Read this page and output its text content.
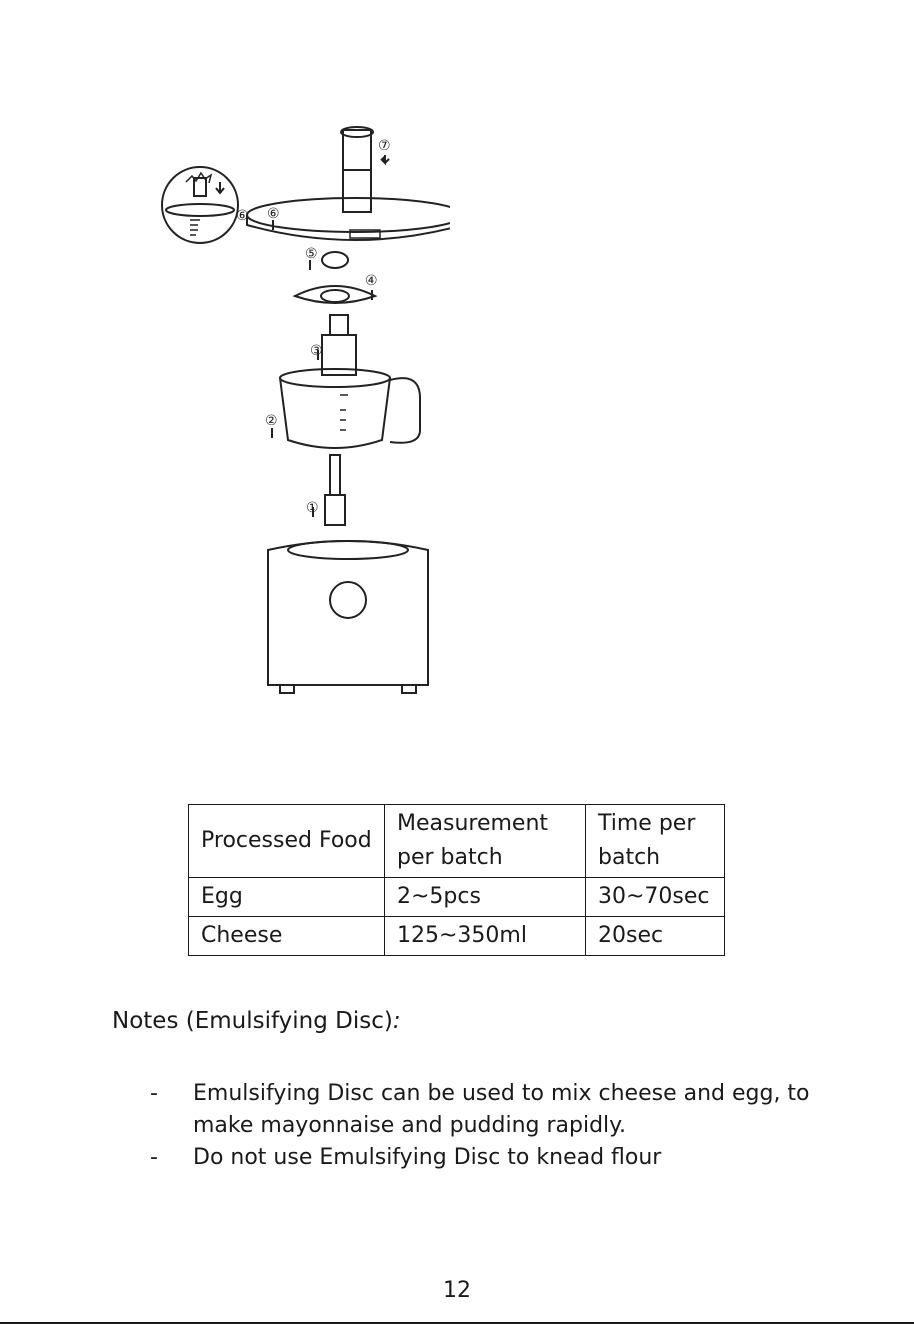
⑦
⑥ ⑥
⑤
④
③
②
①
Processed Food	Measurement per batch	Time per batch
Egg	2~5pcs	30~70sec
Cheese	125~350ml	20sec
Notes (Emulsifying Disc):
-	Emulsifying Disc can be used to mix cheese and egg, to make mayonnaise and pudding rapidly.
-	Do not use Emulsifying Disc to knead flour
12
